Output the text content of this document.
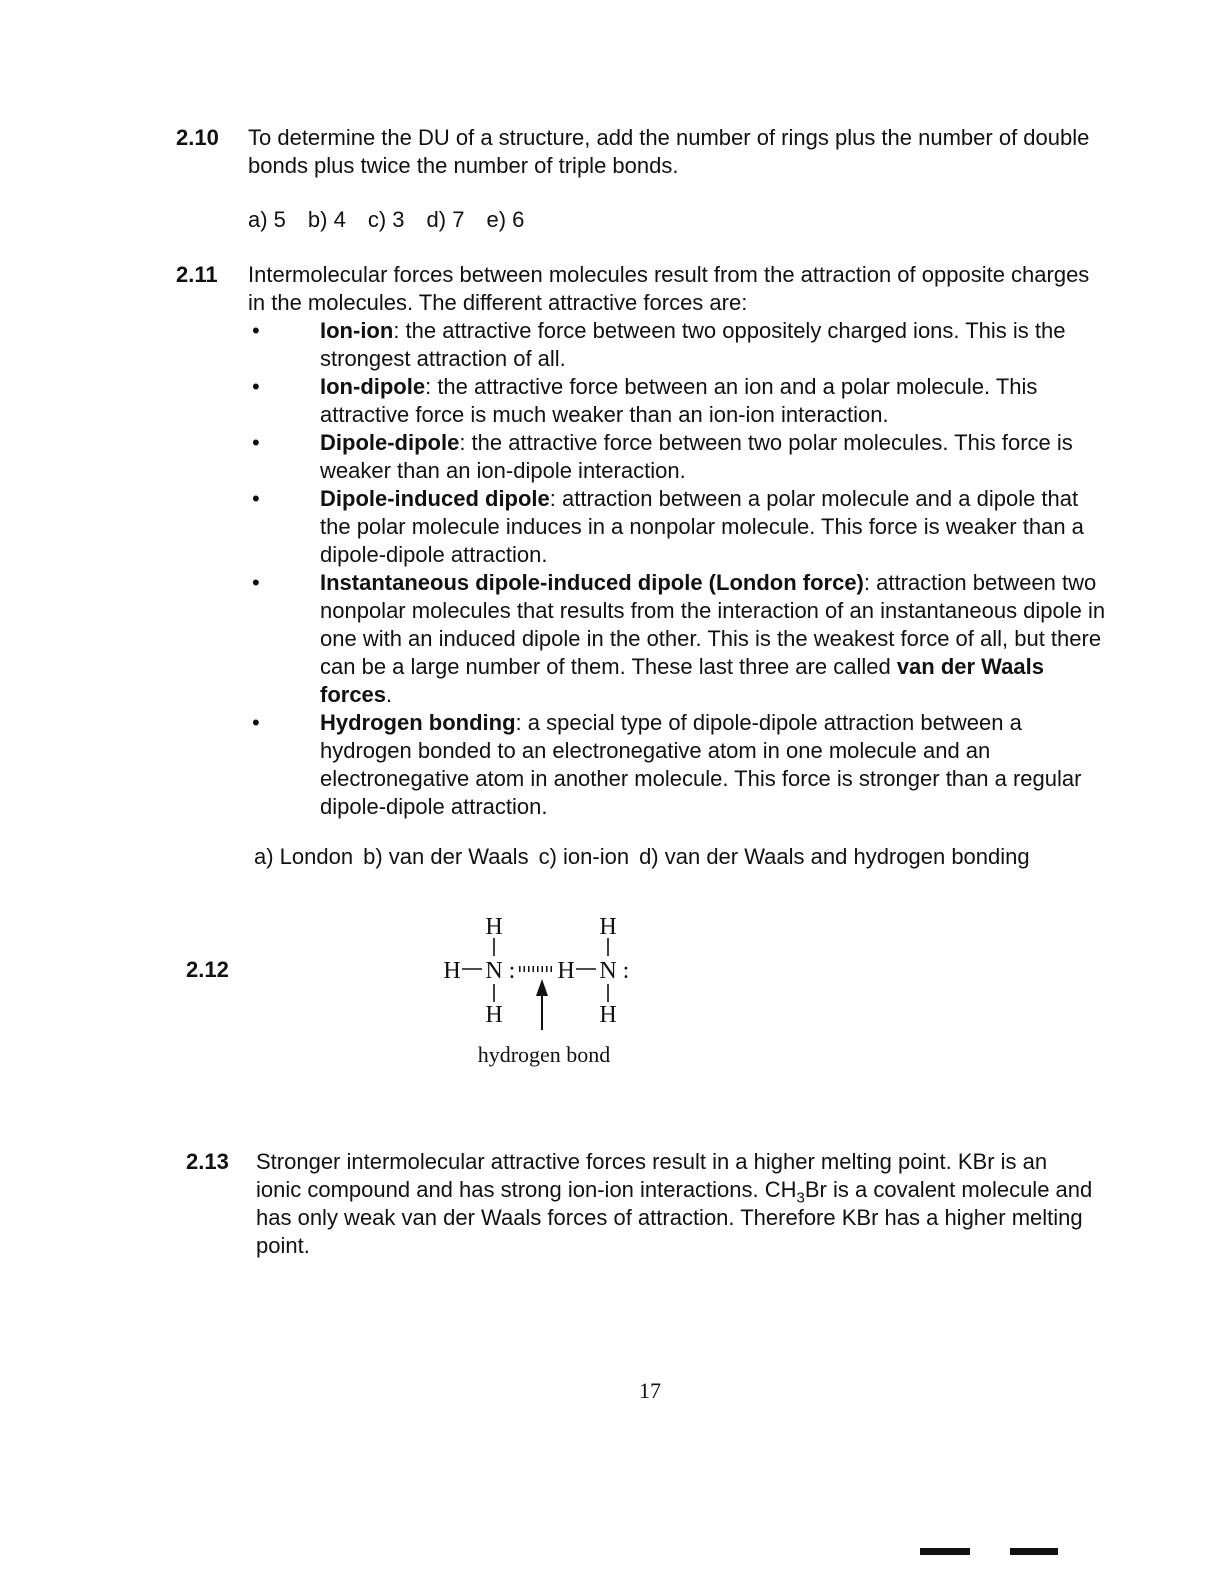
2.10 To determine the DU of a structure, add the number of rings plus the number of double bonds plus twice the number of triple bonds.
a) 5 b) 4 c) 3 d) 7 e) 6
2.11 Intermolecular forces between molecules result from the attraction of opposite charges in the molecules. The different attractive forces are:
•	Ion-ion: the attractive force between two oppositely charged ions. This is the strongest attraction of all.
•	Ion-dipole: the attractive force between an ion and a polar molecule. This attractive force is much weaker than an ion-ion interaction.
•	Dipole-dipole: the attractive force between two polar molecules. This force is weaker than an ion-dipole interaction.
•	Dipole-induced dipole: attraction between a polar molecule and a dipole that the polar molecule induces in a nonpolar molecule. This force is weaker than a dipole-dipole attraction.
•	Instantaneous dipole-induced dipole (London force): attraction between two nonpolar molecules that results from the interaction of an instantaneous dipole in one with an induced dipole in the other. This is the weakest force of all, but there can be a large number of them. These last three are called van der Waals forces.
•	Hydrogen bonding: a special type of dipole-dipole attraction between a hydrogen bonded to an electronegative atom in one molecule and an electronegative atom in another molecule. This force is stronger than a regular dipole-dipole attraction.
a) London b) van der Waals c) ion-ion d) van der Waals and hydrogen bonding
2.12
H	H
H N : H N :
H	H
hydrogen bond
2.13 Stronger intermolecular attractive forces result in a higher melting point. KBr is an ionic compound and has strong ion-ion interactions. $CH_3Br$ is a covalent molecule and has only weak van der Waals forces of attraction. Therefore KBr has a higher melting point.
17
